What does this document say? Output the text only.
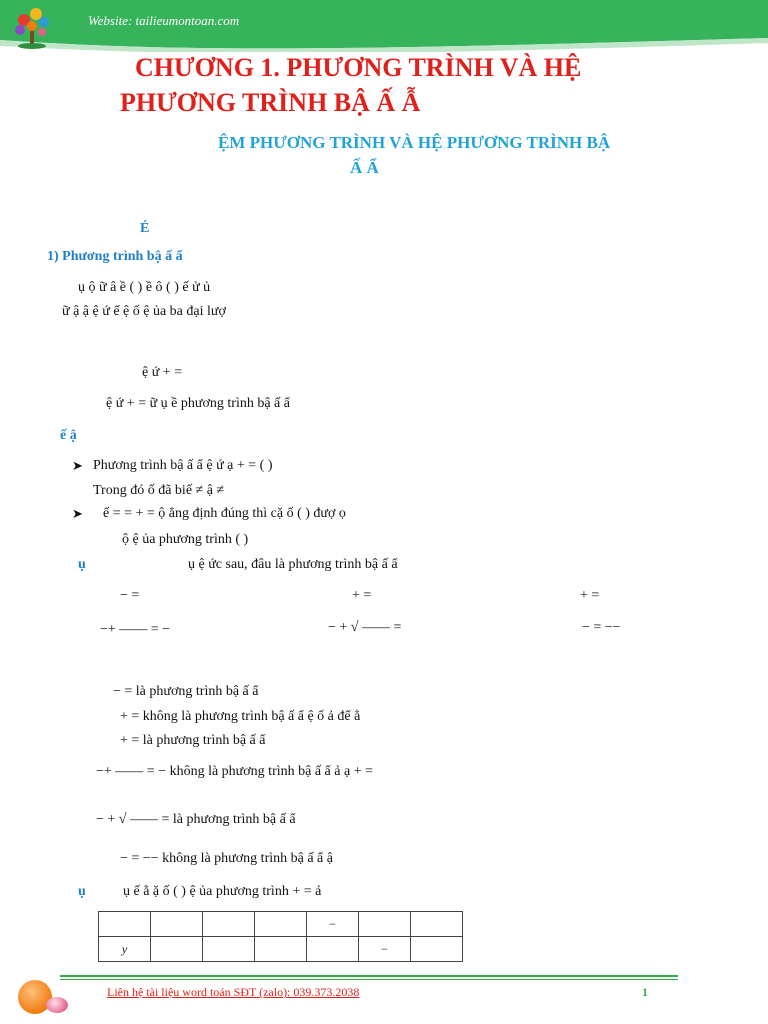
Website: tailieumontoan.com
CHƯƠNG 1. PHƯƠNG TRÌNH VÀ HỆ
PHƯƠNG TRÌNH BẬ Ấ Ẫ
ỆM PHƯƠNG TRÌNH VÀ HỆ PHƯƠNG TRÌNH BẬ
Ấ Ẩ
É
1) Phương trình bậ ấ ẩ
ụ ộ ữ â ề ( ) ề ô ( ) ế ử ủ
ữ ậ ậ ệ ứ ể ệ ố ệ ủa ba đại lượ
ệ ứ + =
ệ ứ + = ữ ụ ề phương trình bậ ấ ẩ
ế ậ
➤ Phương trình bậ ấ ẩ ệ ứ ạ + = ( )
Trong đó ố đã biế ≠ ậ ≠
➤ ế = = + = ộ ẳng định đúng thì cặ ố ( ) đượ ọ
ộ ệ ủa phương trình ( )
ụ	ụ ệ ức sau, đâu là phương trình bậ ấ ẩ
− =	+ =	+ =
−+ —— = −	− + √ —— =	− = −−
− = là phương trình bậ ấ ẩ
+ = không là phương trình bậ ấ ẩ ệ ố ả để ằ
+ = là phương trình bậ ấ ẩ
−+ —— = − không là phương trình bậ ấ ẩ ả ạ + =
− + √ —— = là phương trình bậ ấ ẩ
− = −− không là phương trình bậ ấ ẩ ậ
ụ	ụ ế ằ ặ ố ( ) ệ ủa phương trình + = ả
				−		
y					−	
Liên hệ tài liệu word toán SĐT (zalo): 039.373.2038	1
